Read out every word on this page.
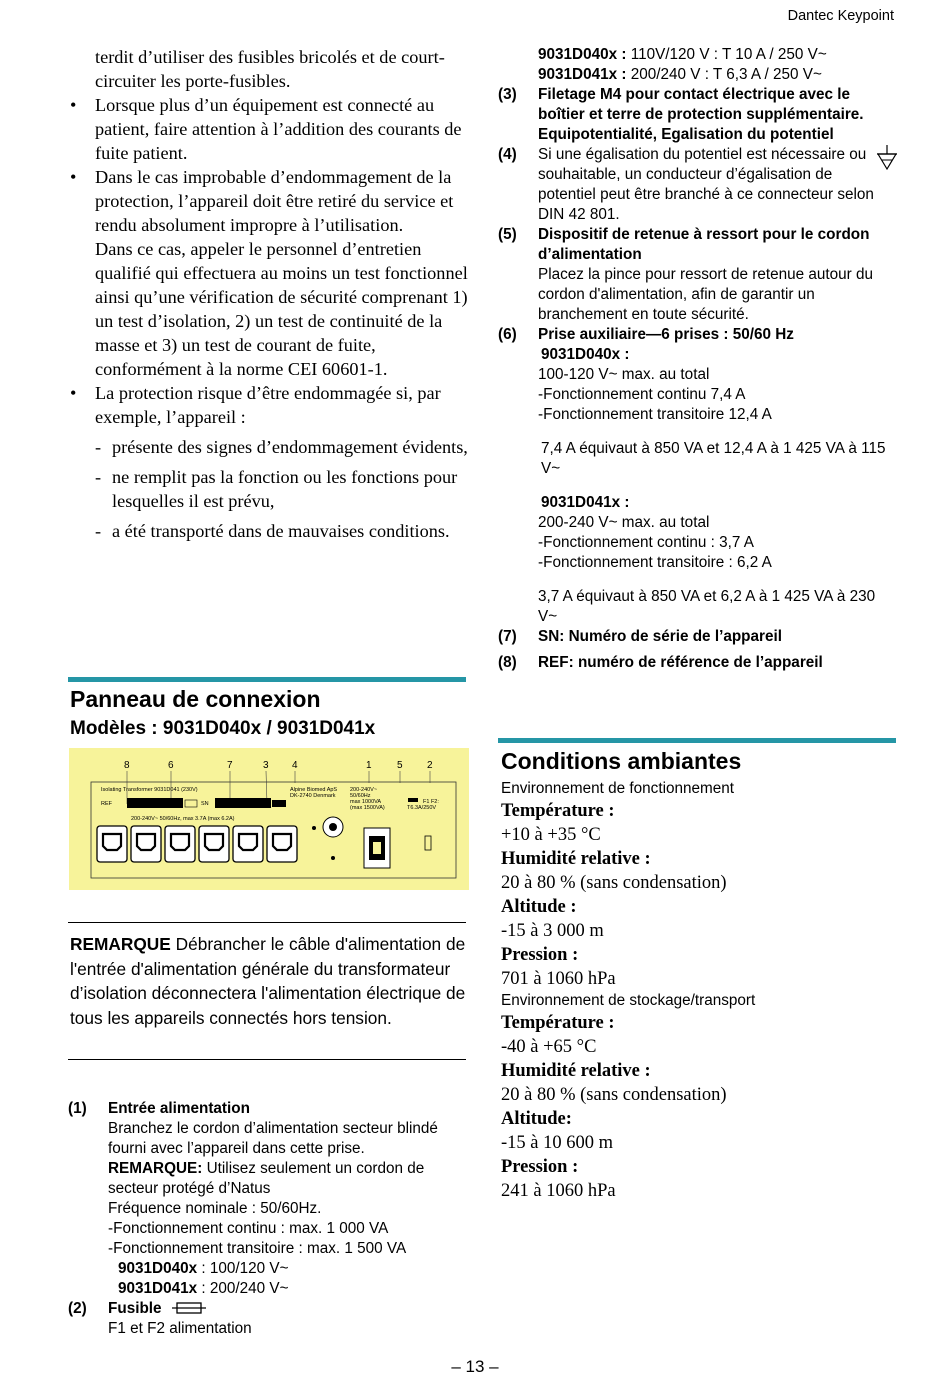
Dantec Keypoint

terdit d’utiliser des fusibles bricolés et de court-circuiter les porte-fusibles.

• Lorsque plus d’un équipement est connecté au patient, faire attention à l’addition des courants de fuite patient.
• Dans le cas improbable d’endommagement de la protection, l’appareil doit être retiré du service et rendu absolument impropre à l’utilisation.

Dans ce cas, appeler le personnel d’entretien qualifié qui effectuera au moins un test fonctionnel ainsi qu’une vérification de sécurité comprenant 1) un test d’isolation, 2) un test de continuité de la masse et 3) un test de courant de fuite, conformément à la norme CEI 60601-1.

• La protection risque d’être endommagée si, par exemple, l’appareil :
- présente des signes d’endommagement évidents,
- ne remplit pas la fonction ou les fonctions pour lesquelles il est prévu,
- a été transporté dans de mauvaises conditions.
Panneau de connexion
Modèles : 9031D040x / 9031D041x
8	6	7	3 4	1	5 2
Isolating Transformer 9031D041 (230V)
REF	SN
Alpine Biomed ApS
DK-2740 Denmark
200-240V~
50/60Hz
max 1000VA
(max 1500VA)
F1 F2:
T6.3A/250V
200-240V~ 50/60Hz, max 3.7A (max 6.2A)
REMARQUE Débrancher le câble d'alimentation de l'entrée d'alimentation générale du transformateur d’isolation déconnectera l'alimentation électrique de tous les appareils connectés hors tension.
(1) Entrée alimentation
Branchez le cordon d’alimentation secteur blindé fourni avec l’appareil dans cette prise.
REMARQUE: Utilisez seulement un cordon de secteur protégé d’Natus
Fréquence nominale : 50/60Hz.
-Fonctionnement continu : max. 1 000 VA
-Fonctionnement transitoire : max. 1 500 VA
9031D040x : 100/120 V~
9031D041x : 200/240 V~
(2) Fusible
F1 et F2 alimentation
9031D040x : 110V/120 V : T 10 A / 250 V~
9031D041x : 200/240 V : T 6,3 A / 250 V~
(3) Filetage M4 pour contact électrique avec le boîtier et terre de protection supplémentaire.
Equipotentialité, Egalisation du potentiel
(4) Si une égalisation du potentiel est nécessaire ou souhaitable, un conducteur d’égalisation de potentiel peut être branché à ce connecteur selon DIN 42 801.
(5) Dispositif de retenue à ressort pour le cordon d’alimentation
Placez la pince pour ressort de retenue autour du cordon d'alimentation, afin de garantir un branchement en toute sécurité.
(6) Prise auxiliaire—6 prises : 50/60 Hz
9031D040x :
100-120 V~ max. au total
-Fonctionnement continu 7,4 A
-Fonctionnement transitoire 12,4 A
7,4 A équivaut à 850 VA et 12,4 A à 1 425 VA à 115 V~
9031D041x :
200-240 V~ max. au total
-Fonctionnement continu : 3,7 A
-Fonctionnement transitoire : 6,2 A
3,7 A équivaut à 850 VA et 6,2 A à 1 425 VA à 230 V~
(7) SN: Numéro de série de l’appareil
(8) REF: numéro de référence de l’appareil
Conditions ambiantes
Environnement de fonctionnement
Température :
+10 à +35 °C
Humidité relative :
20 à 80 % (sans condensation)
Altitude :
-15 à 3 000 m
Pression :
701 à 1060 hPa
Environnement de stockage/transport
Température :
-40 à +65 °C
Humidité relative :
20 à 80 % (sans condensation)
Altitude:
-15 à 10 600 m
Pression :
241 à 1060 hPa
– 13 –
